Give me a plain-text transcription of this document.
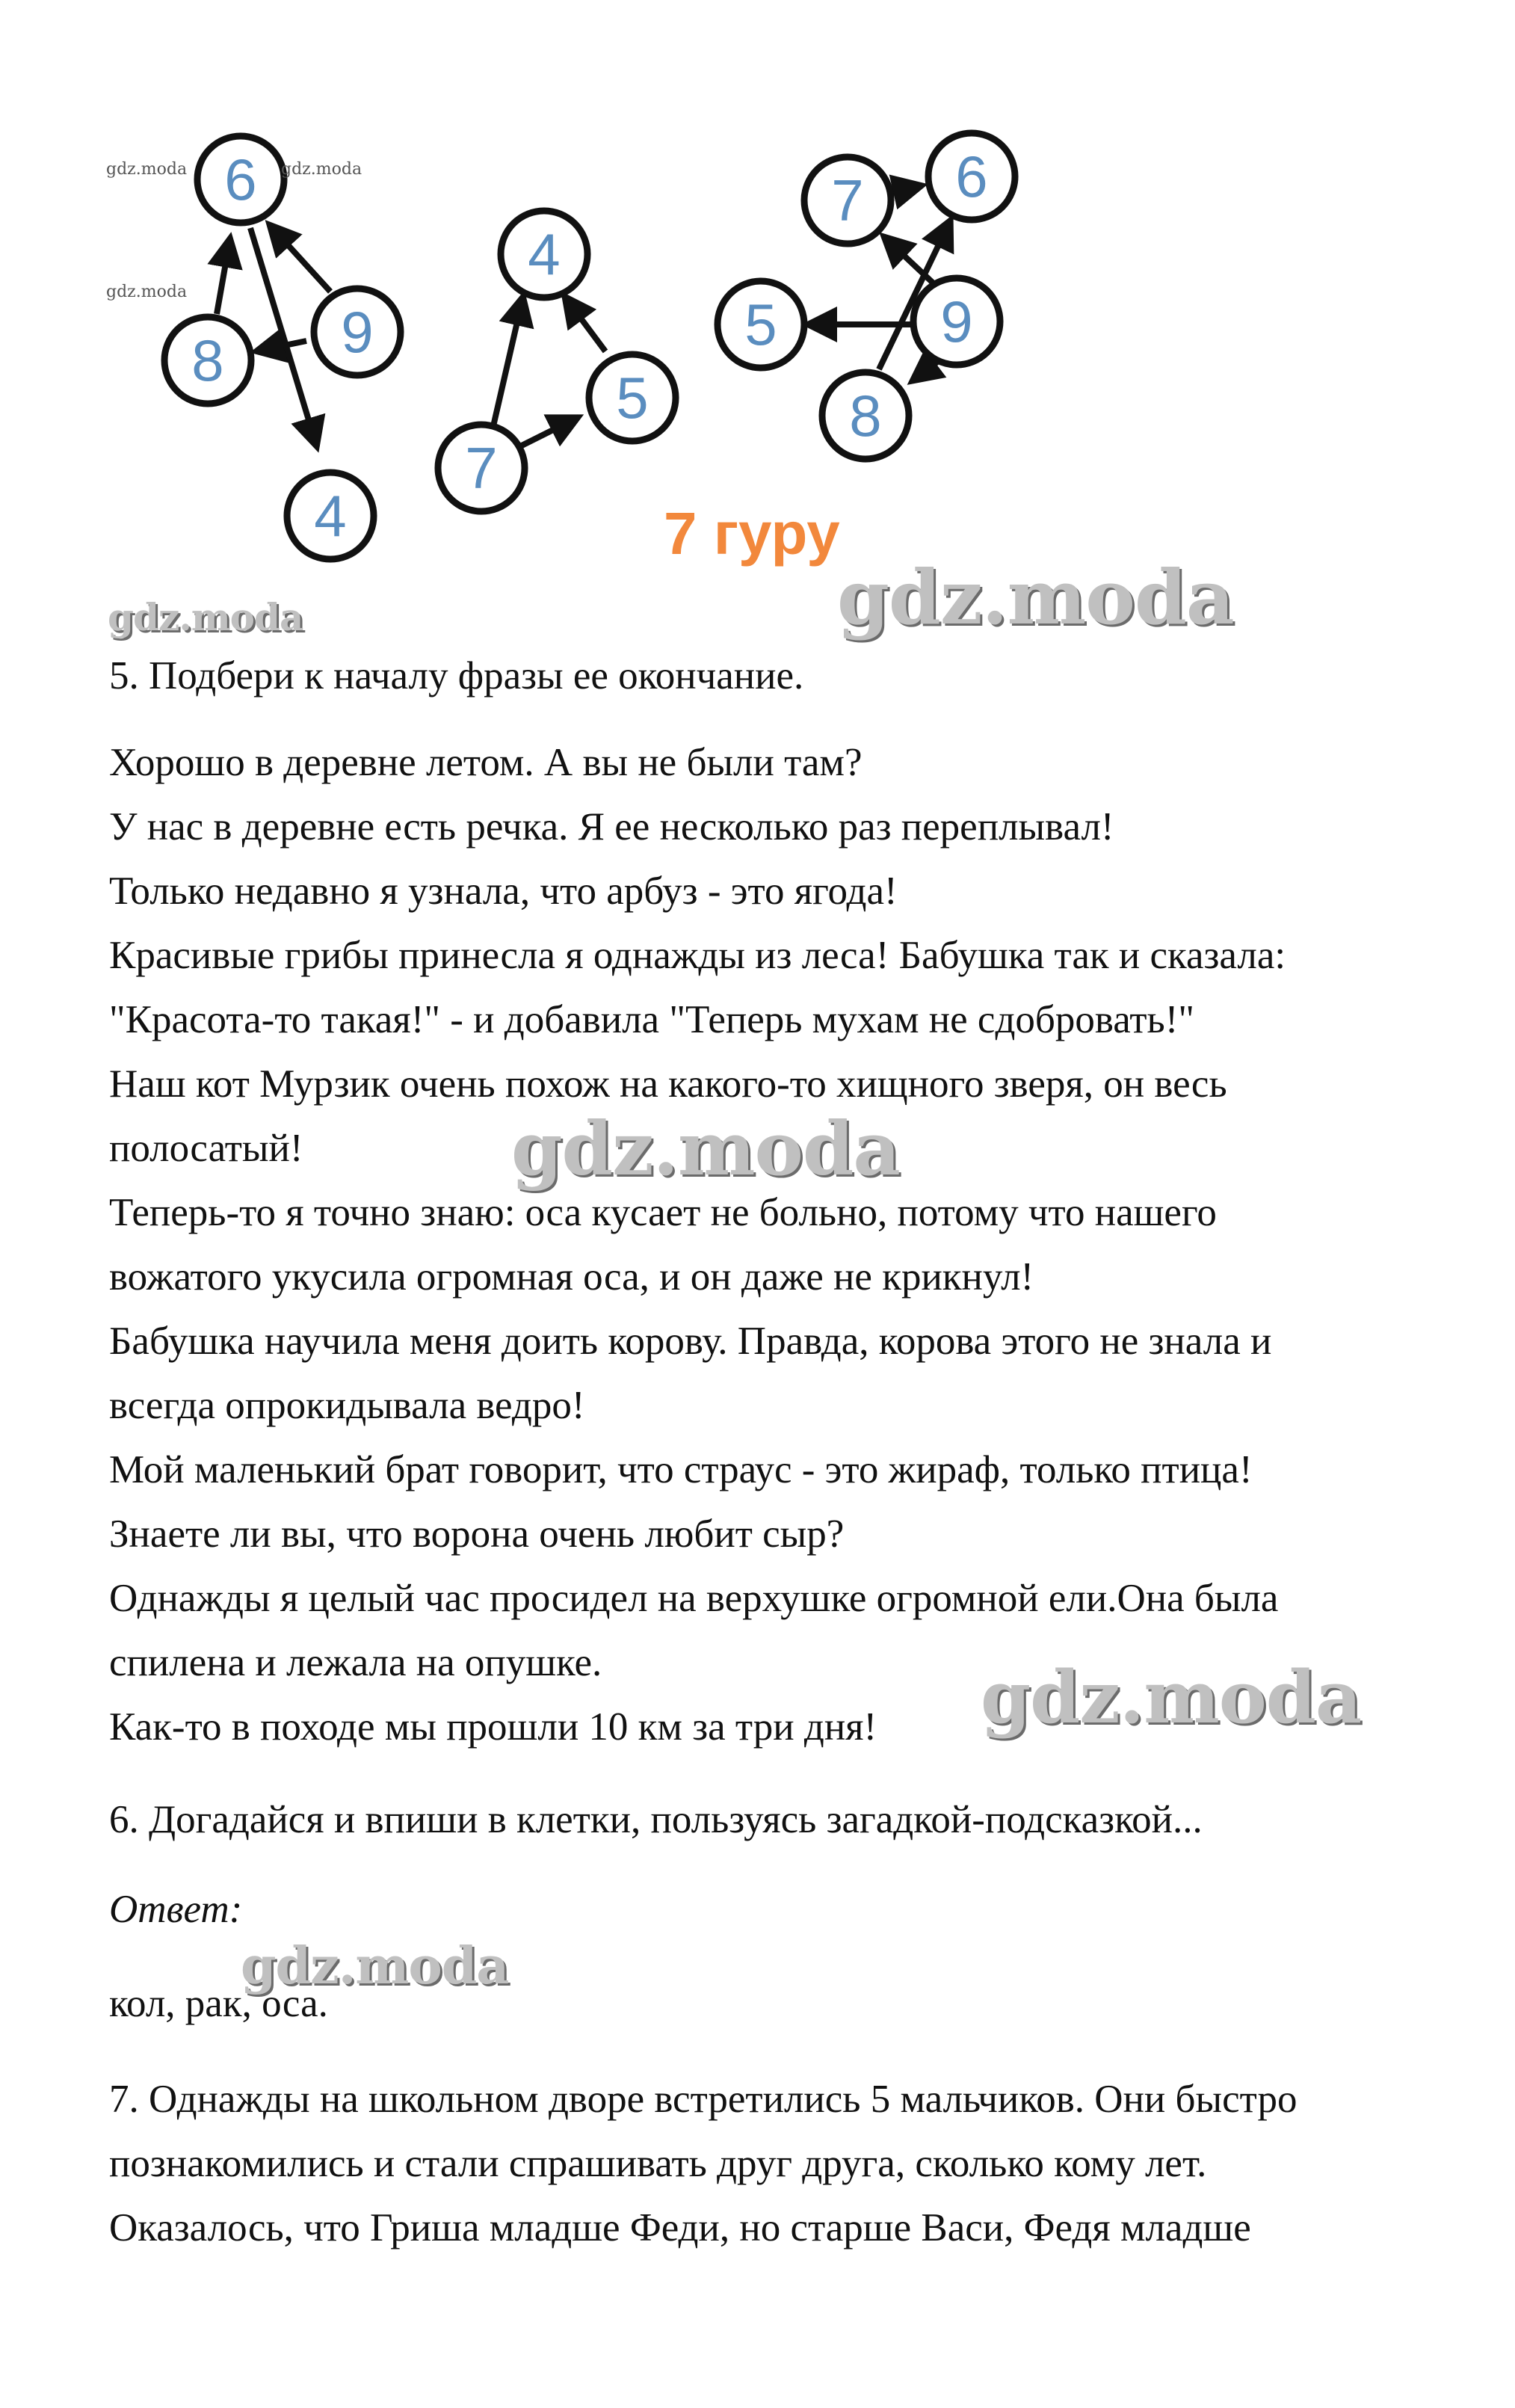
6
8 9
4
4
7
5
7 6
5	9
8
gdz.moda	gdz.moda
gdz.moda
7 гуру
gdz.moda	gdz.moda
gdz.moda
gdz.moda
gdz.moda
5. Подбери к началу фразы ее окончание.
Хорошо в деревне летом. А вы не были там?
У нас в деревне есть речка. Я ее несколько раз переплывал!
Только недавно я узнала, что арбуз - это ягода!
Красивые грибы принесла я однажды из леса! Бабушка так и сказала:
"Красота-то такая!" - и добавила "Теперь мухам не сдобровать!"
Наш кот Мурзик очень похож на какого-то хищного зверя, он весь
полосатый!
Теперь-то я точно знаю: оса кусает не больно, потому что нашего
вожатого укусила огромная оса, и он даже не крикнул!
Бабушка научила меня доить корову. Правда, корова этого не знала и
всегда опрокидывала ведро!
Мой маленький брат говорит, что страус - это жираф, только птица!
Знаете ли вы, что ворона очень любит сыр?
Однажды я целый час просидел на верхушке огромной ели.Она была
спилена и лежала на опушке.
Как-то в походе мы прошли 10 км за три дня!
6. Догадайся и впиши в клетки, пользуясь загадкой-подсказкой...
Ответ:
кол, рак, оса.
7. Однажды на школьном дворе встретились 5 мальчиков. Они быстро
познакомились и стали спрашивать друг друга, сколько кому лет.
Оказалось, что Гриша младше Феди, но старше Васи, Федя младше
